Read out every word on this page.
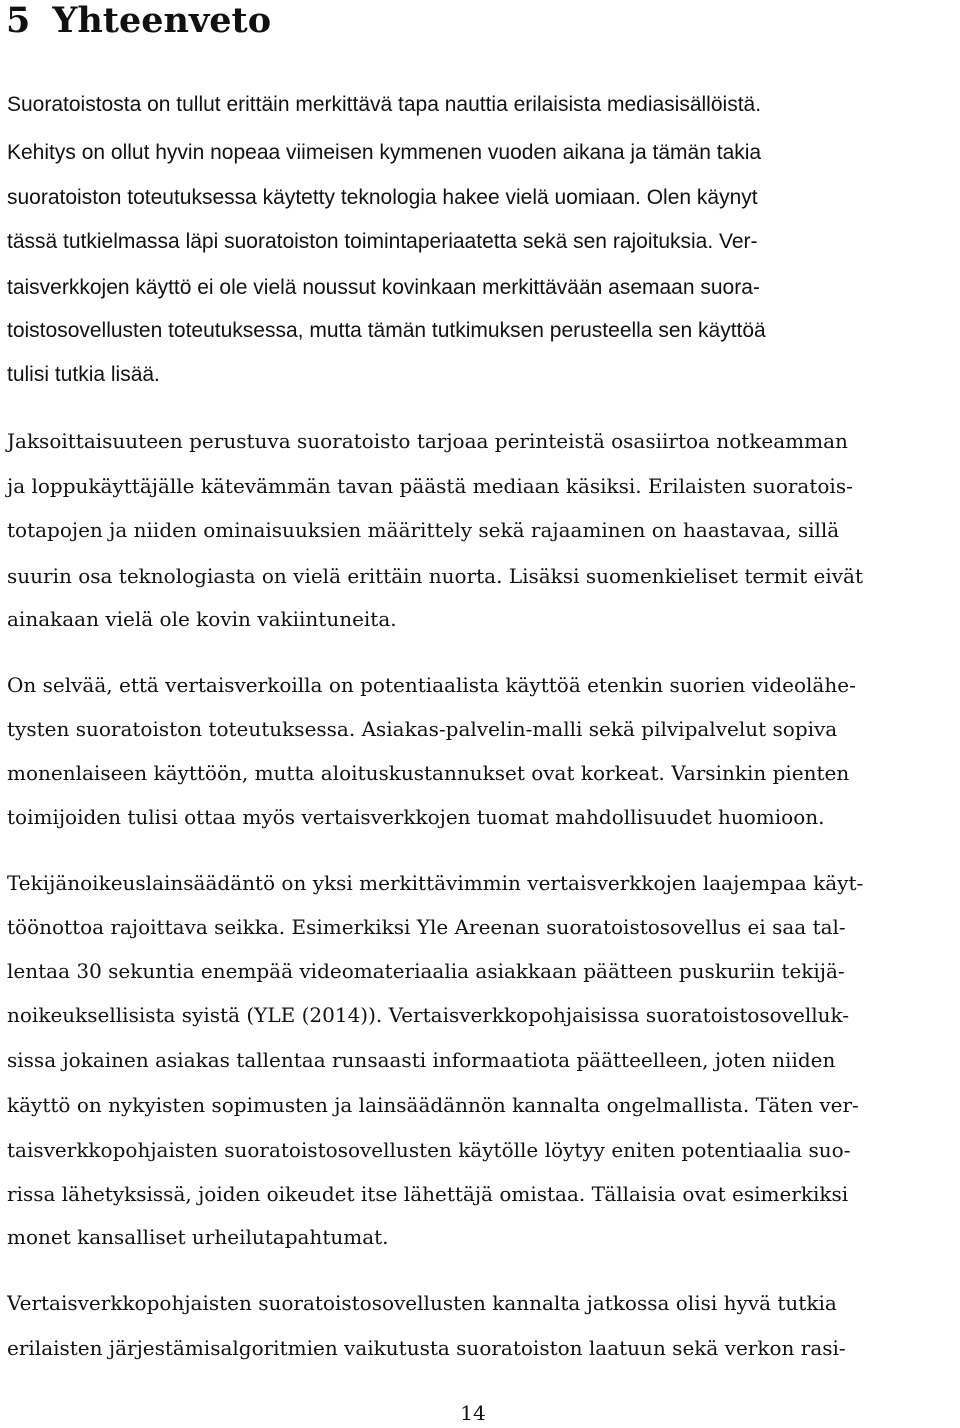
5 Yhteenveto

Suoratoistosta on tullut erittäin merkittävä tapa nauttia erilaisista mediasisällöistä.

Kehitys on ollut hyvin nopeaa viimeisen kymmenen vuoden aikana ja tämän takia

suoratoiston toteutuksessa käytetty teknologia hakee vielä uomiaan. Olen käynyt

tässä tutkielmassa läpi suoratoiston toimintaperiaatetta sekä sen rajoituksia. Ver-

taisverkkojen käyttö ei ole vielä noussut kovinkaan merkittävään asemaan suora-

toistosovellusten toteutuksessa, mutta tämän tutkimuksen perusteella sen käyttöä

tulisi tutkia lisää.

Jaksoittaisuuteen perustuva suoratoisto tarjoaa perinteistä osasiirtoa notkeamman

ja loppukäyttäjälle kätevämmän tavan päästä mediaan käsiksi. Erilaisten suoratois-

totapojen ja niiden ominaisuuksien määrittely sekä rajaaminen on haastavaa, sillä

suurin osa teknologiasta on vielä erittäin nuorta. Lisäksi suomenkieliset termit eivät

ainakaan vielä ole kovin vakiintuneita.

On selvää, että vertaisverkoilla on potentiaalista käyttöä etenkin suorien videolähe-

tysten suoratoiston toteutuksessa. Asiakas-palvelin-malli sekä pilvipalvelut sopiva

monenlaiseen käyttöön, mutta aloituskustannukset ovat korkeat. Varsinkin pienten

toimijoiden tulisi ottaa myös vertaisverkkojen tuomat mahdollisuudet huomioon.

Tekijänoikeuslainsäädäntö on yksi merkittävimmin vertaisverkkojen laajempaa käyt-

töönottoa rajoittava seikka. Esimerkiksi Yle Areenan suoratoistosovellus ei saa tal-

lentaa 30 sekuntia enempää videomateriaalia asiakkaan päätteen puskuriin tekijä-

noikeuksellisista syistä (YLE (2014)). Vertaisverkkopohjaisissa suoratoistosovelluk-

sissa jokainen asiakas tallentaa runsaasti informaatiota päätteelleen, joten niiden

käyttö on nykyisten sopimusten ja lainsäädännön kannalta ongelmallista. Täten ver-

taisverkkopohjaisten suoratoistosovellusten käytölle löytyy eniten potentiaalia suo-

rissa lähetyksissä, joiden oikeudet itse lähettäjä omistaa. Tällaisia ovat esimerkiksi

monet kansalliset urheilutapahtumat.

Vertaisverkkopohjaisten suoratoistosovellusten kannalta jatkossa olisi hyvä tutkia

erilaisten järjestämisalgoritmien vaikutusta suoratoiston laatuun sekä verkon rasi-

14
